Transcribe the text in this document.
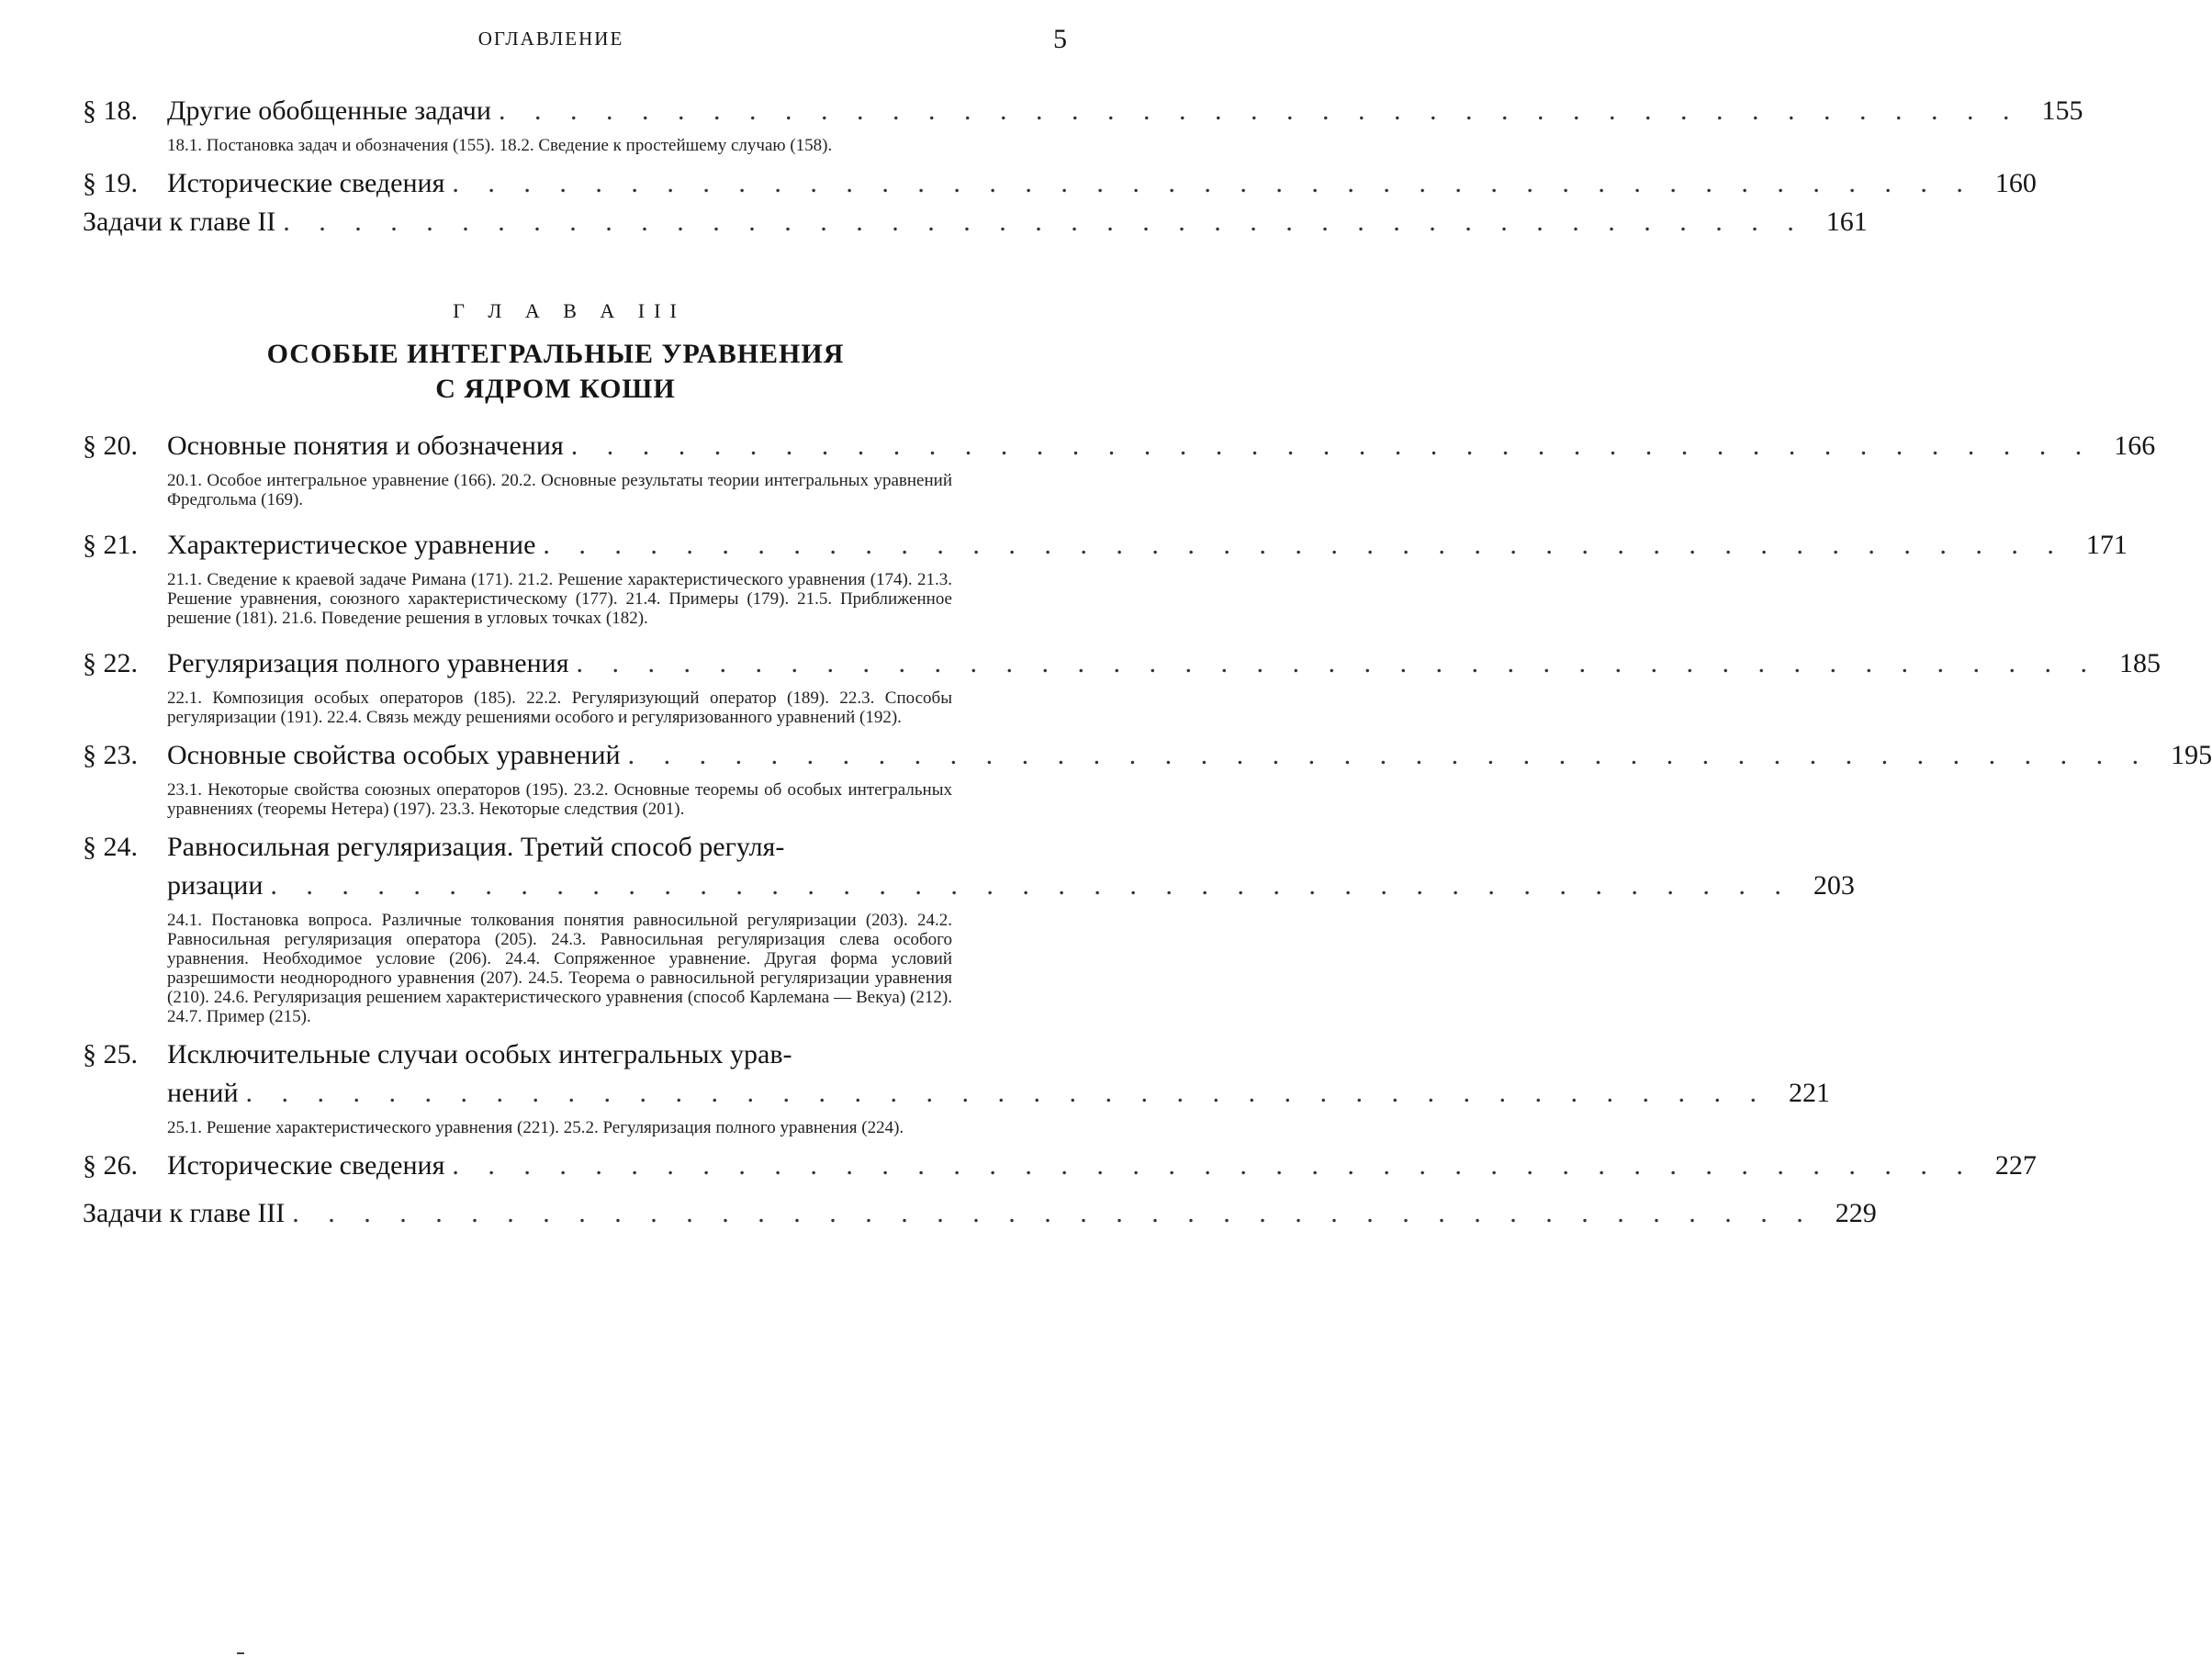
ОГЛАВЛЕНИЕ	5
§ 18.	Другие обобщенные задачи . . . . . . . . . . . . . . . . . . . . . . . . . . . . . . . . . . . . . . . . . . . 155
18.1. Постановка задач и обозначения (155). 18.2. Сведение к простейшему случаю (158).
§ 19.	Исторические сведения . . . . . . . . . . . . . . . . . . . . . . . . . . . . . . . . . . . . . . . . . . . 160
Задачи к главе II . . . . . . . . . . . . . . . . . . . . . . . . . . . . . . . . . . . . . . . . . . . 161
Г Л А В А III
ОСОБЫЕ ИНТЕГРАЛЬНЫЕ УРАВНЕНИЯ
С ЯДРОМ КОШИ
§ 20.	Основные понятия и обозначения . . . . . . . . . . . . . . . . . . . . . . . . . . . . . . . . . . . . . . . . . . . 166
20.1. Особое интегральное уравнение (166). 20.2. Основные результаты теории интегральных уравнений Фредгольма (169).
§ 21.	Характеристическое уравнение . . . . . . . . . . . . . . . . . . . . . . . . . . . . . . . . . . . . . . . . . . . 171
21.1. Сведение к краевой задаче Римана (171). 21.2. Решение характеристического уравнения (174). 21.3. Решение уравнения, союзного характеристическому (177). 21.4. Примеры (179). 21.5. Приближенное решение (181). 21.6. Поведение решения в угловых точках (182).
§ 22.	Регуляризация полного уравнения . . . . . . . . . . . . . . . . . . . . . . . . . . . . . . . . . . . . . . . . . . . 185
22.1. Композиция особых операторов (185). 22.2. Регуляризующий оператор (189). 22.3. Способы регуляризации (191). 22.4. Связь между решениями особого и регуляризованного уравнений (192).
§ 23.	Основные свойства особых уравнений . . . . . . . . . . . . . . . . . . . . . . . . . . . . . . . . . . . . . . . . . . . 195
23.1. Некоторые свойства союзных операторов (195). 23.2. Основные теоремы об особых интегральных уравнениях (теоремы Нетера) (197). 23.3. Некоторые следствия (201).
§ 24.	Равносильная регуляризация. Третий способ регуля-
ризации . . . . . . . . . . . . . . . . . . . . . . . . . . . . . . . . . . . . . . . . . . . 203
24.1. Постановка вопроса. Различные толкования понятия равносильной регуляризации (203). 24.2. Равносильная регуляризация оператора (205). 24.3. Равносильная регуляризация слева особого уравнения. Необходимое условие (206). 24.4. Сопряженное уравнение. Другая форма условий разрешимости неоднородного уравнения (207). 24.5. Теорема о равносильной регуляризации уравнения (210). 24.6. Регуляризация решением характеристического уравнения (способ Карлемана — Векуа) (212). 24.7. Пример (215).
§ 25.	Исключительные случаи особых интегральных урав-
нений . . . . . . . . . . . . . . . . . . . . . . . . . . . . . . . . . . . . . . . . . . . 221
25.1. Решение характеристического уравнения (221). 25.2. Регуляризация полного уравнения (224).
§ 26.	Исторические сведения . . . . . . . . . . . . . . . . . . . . . . . . . . . . . . . . . . . . . . . . . . . 227
Задачи к главе III . . . . . . . . . . . . . . . . . . . . . . . . . . . . . . . . . . . . . . . . . . . 229
